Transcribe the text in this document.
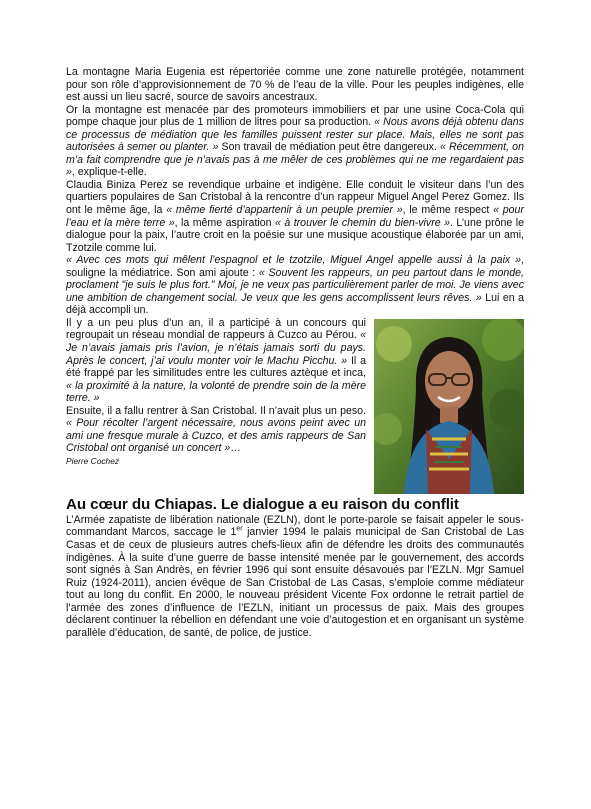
La montagne Maria Eugenia est répertoriée comme une zone naturelle protégée, notamment pour son rôle d’approvisionnement de 70 % de l’eau de la ville. Pour les peuples indigènes, elle est aussi un lieu sacré, source de savoirs ancestraux.
Or la montagne est menacée par des promoteurs immobiliers et par une usine Coca-Cola qui pompe chaque jour plus de 1 million de litres pour sa production. « Nous avons déjà obtenu dans ce processus de médiation que les familles puissent rester sur place. Mais, elles ne sont pas autorisées à semer ou planter. » Son travail de médiation peut être dangereux. « Récemment, on m’a fait comprendre que je n’avais pas à me mêler de ces problèmes qui ne me regardaient pas », explique-t-elle.
Claudia Biniza Perez se revendique urbaine et indigène. Elle conduit le visiteur dans l’un des quartiers populaires de San Cristobal à la rencontre d’un rappeur Miguel Angel Perez Gomez. Ils ont le même âge, la « même fierté d’appartenir à un peuple premier », le même respect « pour l’eau et la mère terre », la même aspiration « à trouver le chemin du bien-vivre ». L’une prône le dialogue pour la paix, l’autre croit en la poésie sur une musique acoustique élaborée par un ami, Tzotzile comme lui.
« Avec ces mots qui mêlent l’espagnol et le tzotzile, Miguel Angel appelle aussi à la paix », souligne la médiatrice. Son ami ajoute : « Souvent les rappeurs, un peu partout dans le monde, proclament "je suis le plus fort." Moi, je ne veux pas particulièrement parler de moi. Je viens avec une ambition de changement social. Je veux que les gens accomplissent leurs rêves. » Lui en a déjà accompli un.

Il y a un peu plus d’un an, il a participé à un concours qui regroupait un réseau mondial de rappeurs à Cuzco au Pérou. « Je n’avais jamais pris l’avion, je n’étais jamais sorti du pays. Après le concert, j’ai voulu monter voir le Machu Picchu. » Il a été frappé par les similitudes entre les cultures aztèque et inca, « la proximité à la nature, la volonté de prendre soin de la mère terre. »
Ensuite, il a fallu rentrer à San Cristobal. Il n’avait plus un peso. « Pour récolter l’argent nécessaire, nous avons peint avec un ami une fresque murale à Cuzco, et des amis rappeurs de San Cristobal ont organisé un concert »…

Pierre Cochez
Au cœur du Chiapas. Le dialogue a eu raison du conflit

L’Armée zapatiste de libération nationale (EZLN), dont le porte-parole se faisait appeler le sous-commandant Marcos, saccage le 1er janvier 1994 le palais municipal de San Cristobal de Las Casas et de ceux de plusieurs autres chefs-lieux afin de défendre les droits des communautés indigènes. À la suite d’une guerre de basse intensité menée par le gouvernement, des accords sont signés à San Andrès, en février 1996 qui sont ensuite désavoués par l’EZLN. Mgr Samuel Ruiz (1924-2011), ancien évêque de San Cristobal de Las Casas, s’emploie comme médiateur tout au long du conflit. En 2000, le nouveau président Vicente Fox ordonne le retrait partiel de l’armée des zones d’influence de l’EZLN, initiant un processus de paix. Mais des groupes déclarent continuer la rébellion en défendant une voie d’autogestion et en organisant un système parallèle d’éducation, de santé, de police, de justice.
